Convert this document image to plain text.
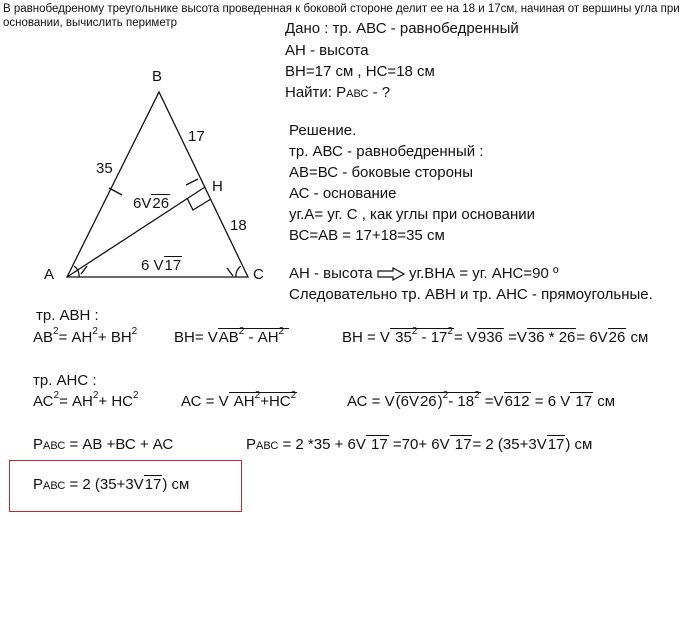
В равнобедреному треугольнике высота проведенная к боковой стороне делит ее на 18 и 17см, начиная от вершины угла при
основании, вычислить периметр
B
A	C
H
35
17
18
6V26
6 V17
Дано : тр. АВС - равнобедренный
АН - высота
ВН=17 см , НС=18 см
Найти: РАВС - ?
Решение.
тр. АВС - равнобедренный :
АВ=ВС - боковые стороны
АС - основание
уг.А= уг. С , как углы при основании
ВС=АВ = 17+18=35 см
АН - высота уг.ВНА = уг. АНС=90 º
Следовательно тр. АВН и тр. АНС - прямоугольные.
тр. АВН :
$АВ^2= АН^2+ ВН^2$ $ВН= VАВ^2 - АН^2$	ВН = V $35^2 - 17^2= V936 =V36 * 26= 6V26$ см
тр. АНС :
$АС^2= АН^2+ НС^2$	АС = V $АН^2+НС^2$	АС = $V(6V26)^2-$ $18^2 =V612 = 6$ V 17 см
РАВС = АВ +ВС + АС	РАВС = 2 *35 + 6V 17 =70+ 6V 17= 2 (35+3V17) см
РАВС = 2 (35+3V17) см
